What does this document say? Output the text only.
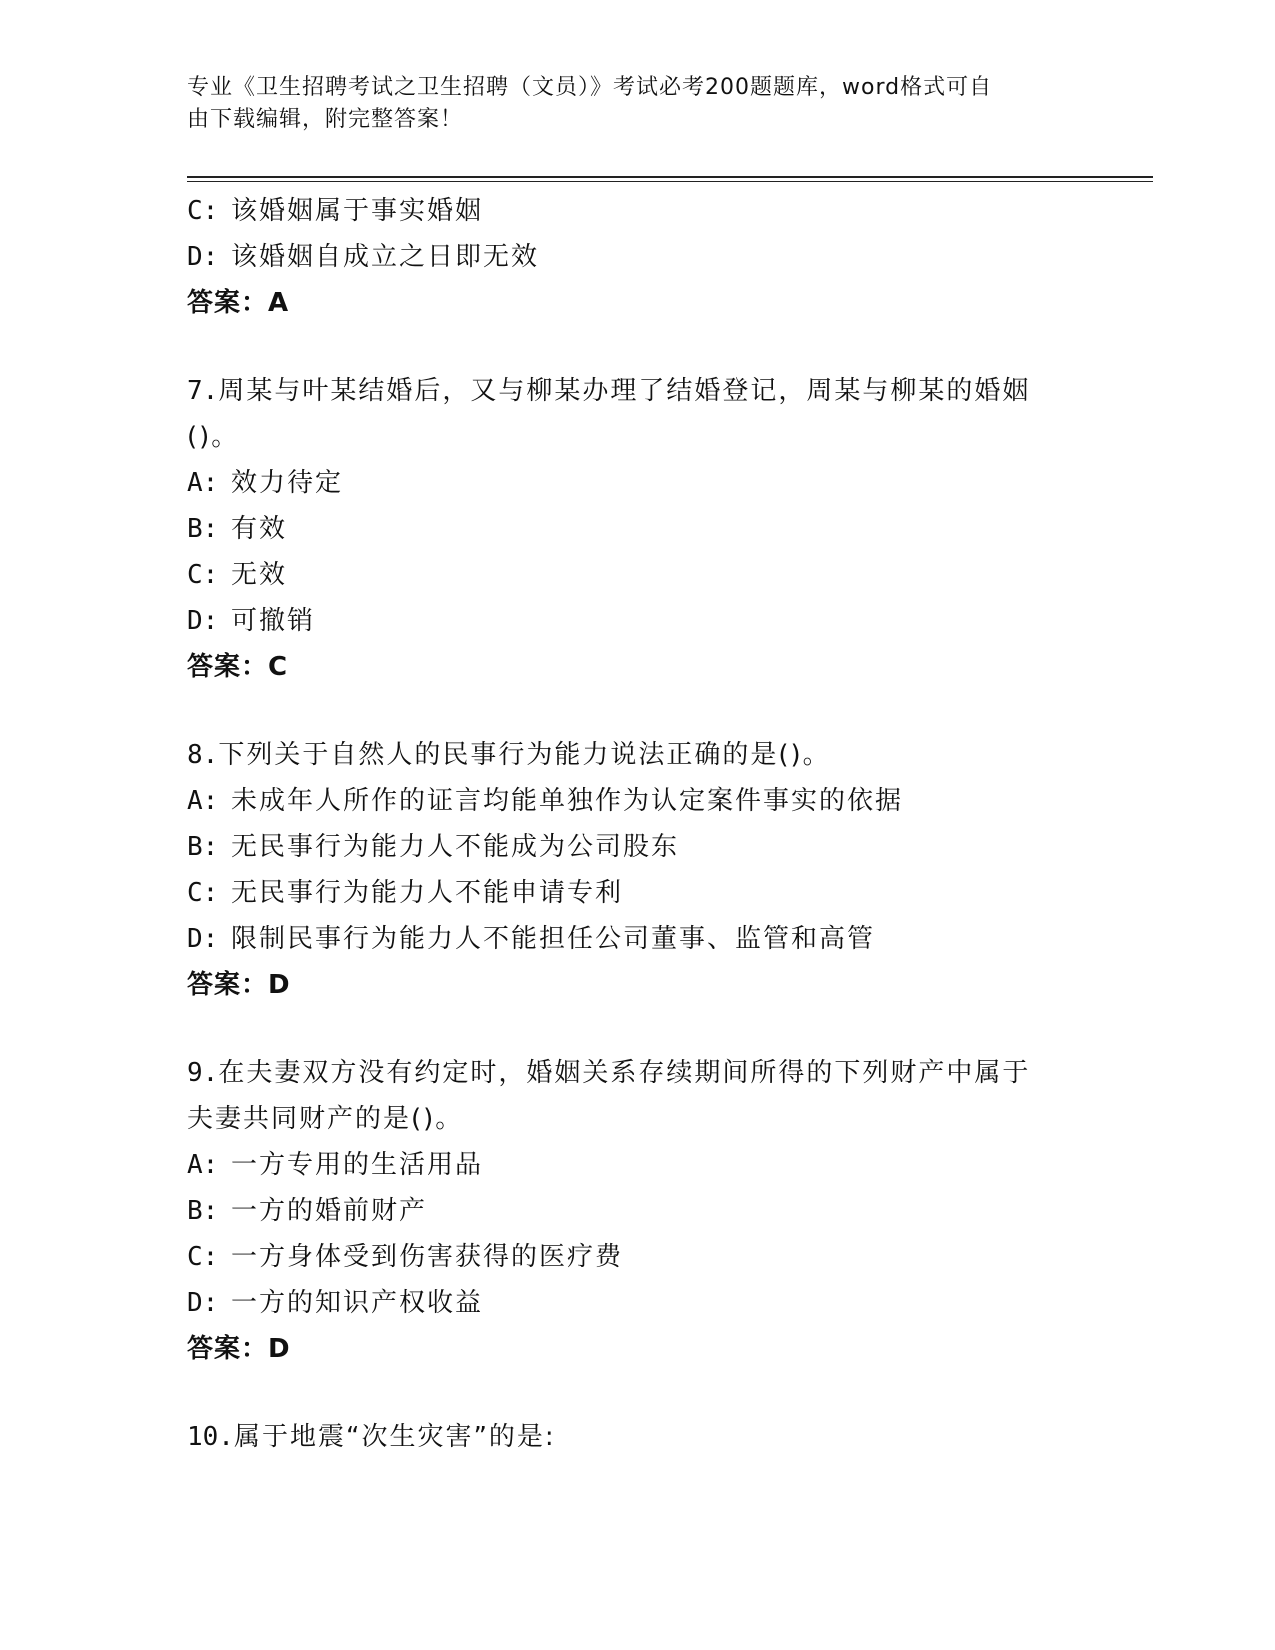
专业《卫生招聘考试之卫生招聘（文员）》考试必考200题题库，word格式可自
由下载编辑，附完整答案！
C: 该婚姻属于事实婚姻
D: 该婚姻自成立之日即无效
答案：A
7.周某与叶某结婚后，又与柳某办理了结婚登记，周某与柳某的婚姻
()。
A: 效力待定
B: 有效
C: 无效
D: 可撤销
答案：C
8.下列关于自然人的民事行为能力说法正确的是()。
A: 未成年人所作的证言均能单独作为认定案件事实的依据
B: 无民事行为能力人不能成为公司股东
C: 无民事行为能力人不能申请专利
D: 限制民事行为能力人不能担任公司董事、监管和高管
答案：D
9.在夫妻双方没有约定时，婚姻关系存续期间所得的下列财产中属于
夫妻共同财产的是()。
A: 一方专用的生活用品
B: 一方的婚前财产
C: 一方身体受到伤害获得的医疗费
D: 一方的知识产权收益
答案：D
10.属于地震“次生灾害”的是:
